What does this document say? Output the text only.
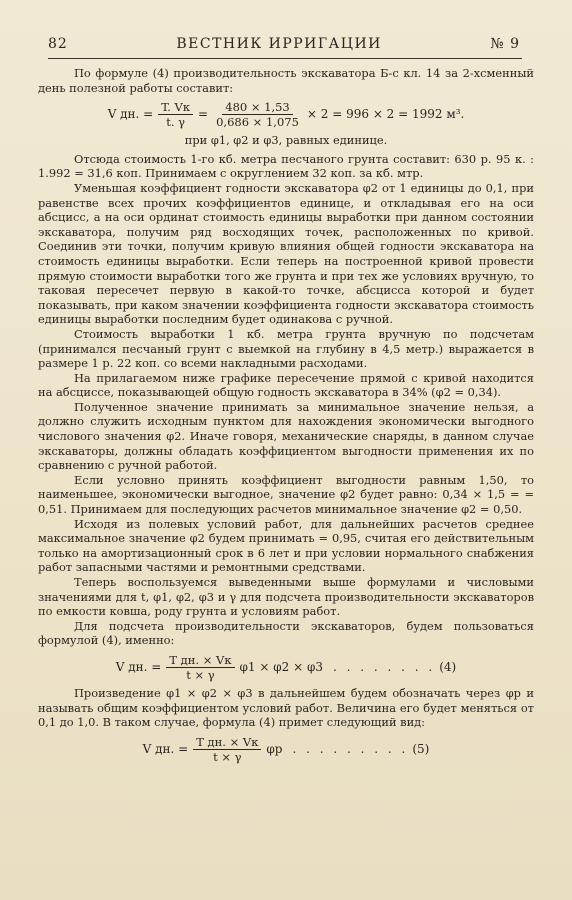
82	ВЕСТНИК ИРРИГАЦИИ	№ 9

По формуле (4) производительность экскаватора Б-с кл. 14 за 2-хсменный день полезной работы составит:

V дн. = $\frac{T. Vк}{t. \gamma} = \frac{480 \times 1,53}{0,686 \times 1,075} \times 2 = 996 \times 2 = 1992$ м³.

при φ1, φ2 и φ3, равных единице.

Отсюда стоимость 1-го кб. метра песчаного грунта составит: 630 р. 95 к. : 1.992 = 31,6 коп. Принимаем с округлением 32 коп. за кб. мтр.

Уменьшая коэффициент годности экскаватора φ2 от 1 единицы до 0,1, при равенстве всех прочих коэффициентов единице, и откладывая его на оси абсцисс, а на оси ординат стоимость единицы выработки при данном состоянии экскаватора, получим ряд восходящих точек, расположенных по кривой. Соединив эти точки, получим кривую влияния общей годности экскаватора на стоимость единицы выработки. Если теперь на построенной кривой провести прямую стоимости выработки того же грунта и при тех же условиях вручную, то таковая пересечет первую в какой-то точке, абсцисса которой и будет показывать, при каком значении коэффициента годности экскаватора стоимость единицы выработки последним будет одинакова с ручной.

Стоимость выработки 1 кб. метра грунта вручную по подсчетам (принимался песчаный грунт с выемкой на глубину в 4,5 метр.) выражается в размере 1 р. 22 коп. со всеми накладными расходами.

На прилагаемом ниже графике пересечение прямой с кривой находится на абсциссе, показывающей общую годность экскаватора в 34% (φ2 = 0,34).

Полученное значение принимать за минимальное значение нельзя, а должно служить исходным пунктом для нахождения экономически выгодного числового значения φ2. Иначе говоря, механические снаряды, в данном случае экскаваторы, должны обладать коэффициентом выгодности применения их по сравнению с ручной работой.

Если условно принять коэффициент выгодности равным 1,50, то наименьшее, экономически выгодное, значение φ2 будет равно: 0,34 × 1,5 = = 0,51. Принимаем для последующих расчетов минимальное значение φ2 = 0,50.

Исходя из полевых условий работ, для дальнейших расчетов среднее максимальное значение φ2 будем принимать = 0,95, считая его действительным только на амортизационный срок в 6 лет и при условии нормального снабжения работ запасными частями и ремонтными средствами.

Теперь воспользуемся выведенными выше формулами и числовыми значениями для t, φ1, φ2, φ3 и γ для подсчета производительности экскаваторов по емкости ковша, роду грунта и условиям работ.

Для подсчета производительности экскаваторов, будем пользоваться формулой (4), именно:

V дн. = $\frac{\text{T дн. × Vк}}{t \times \gamma} \varphi 1 \times \varphi 2 \times \varphi 3$ . . . . . . . . (4)

Произведение φ1 × φ2 × φ3 в дальнейшем будем обозначать через φр и называть общим коэффициентом условий работ. Величина его будет меняться от 0,1 до 1,0. В таком случае, формула (4) примет следующий вид:

V дн. = $\frac{\text{T дн. × Vк}}{t \times \gamma}$ φр . . . . . . . . . (5)
